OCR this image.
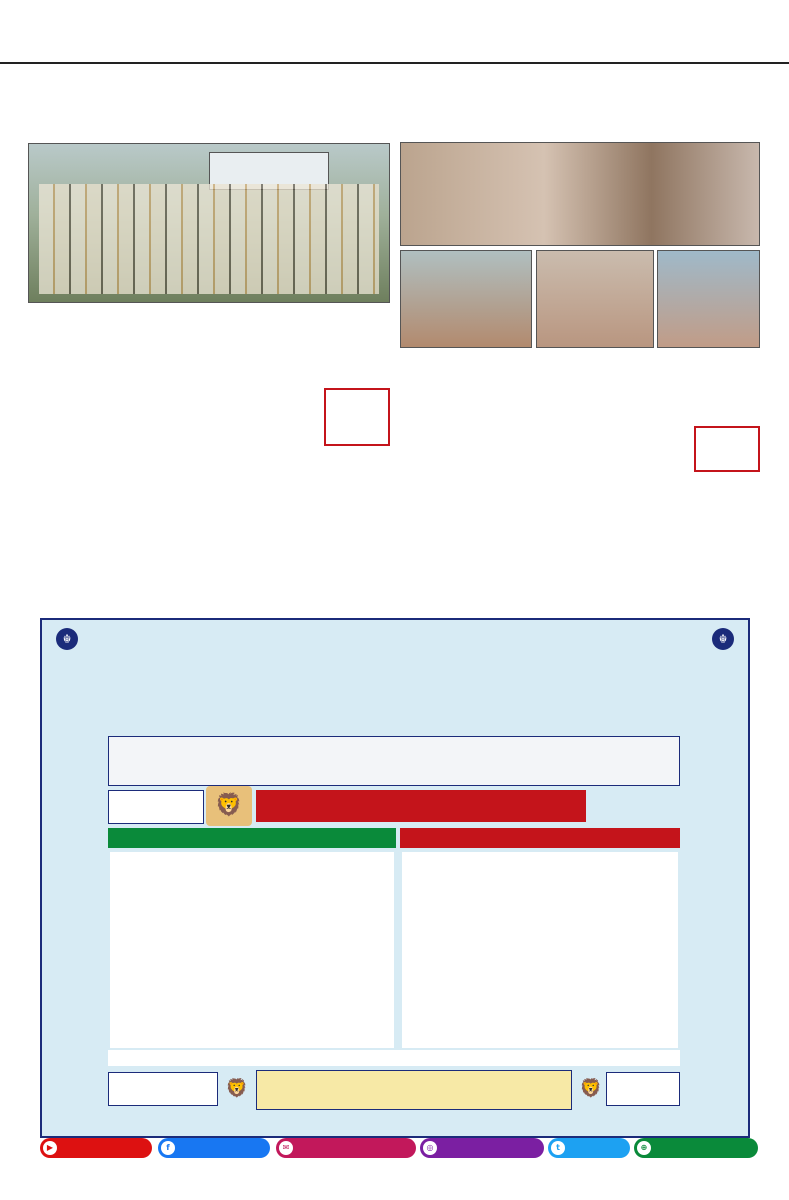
☬	☬
🦁
🦁	🦁
▶	f	✉	◎	t	⊕
